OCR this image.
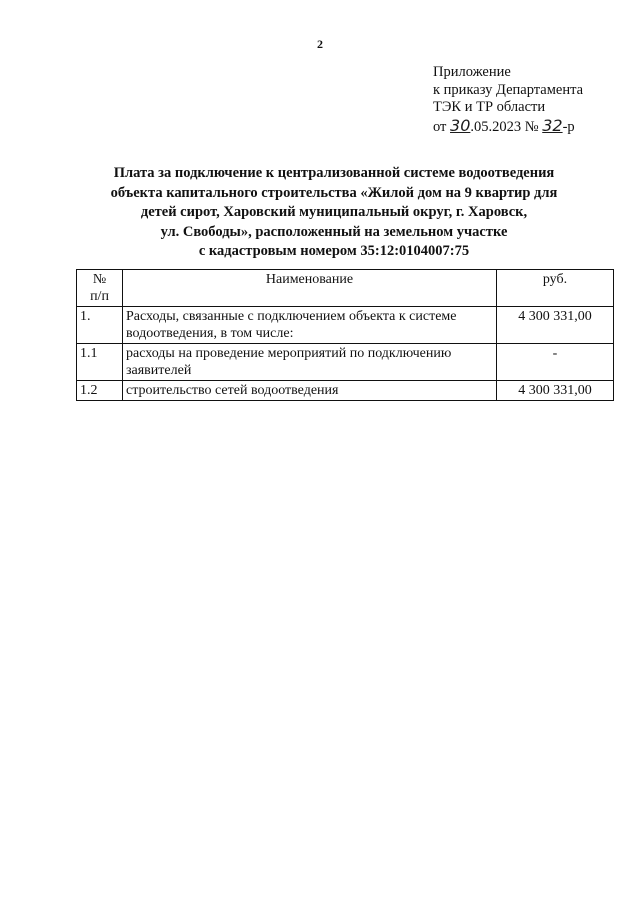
2
Приложение
к приказу Департамента
ТЭК и ТР области
от 30.05.2023 № 32-р
Плата за подключение к централизованной системе водоотведения
объекта капитального строительства «Жилой дом на 9 квартир для
детей сирот, Харовский муниципальный округ, г. Харовск,
ул. Свободы», расположенный на земельном участке
с кадастровым номером 35:12:0104007:75
№
п/п	Наименование	руб.
1.	Расходы, связанные с подключением объекта к системе водоотведения, в том числе:	4 300 331,00
1.1	расходы на проведение мероприятий по подключению заявителей	-
1.2	строительство сетей водоотведения	4 300 331,00
